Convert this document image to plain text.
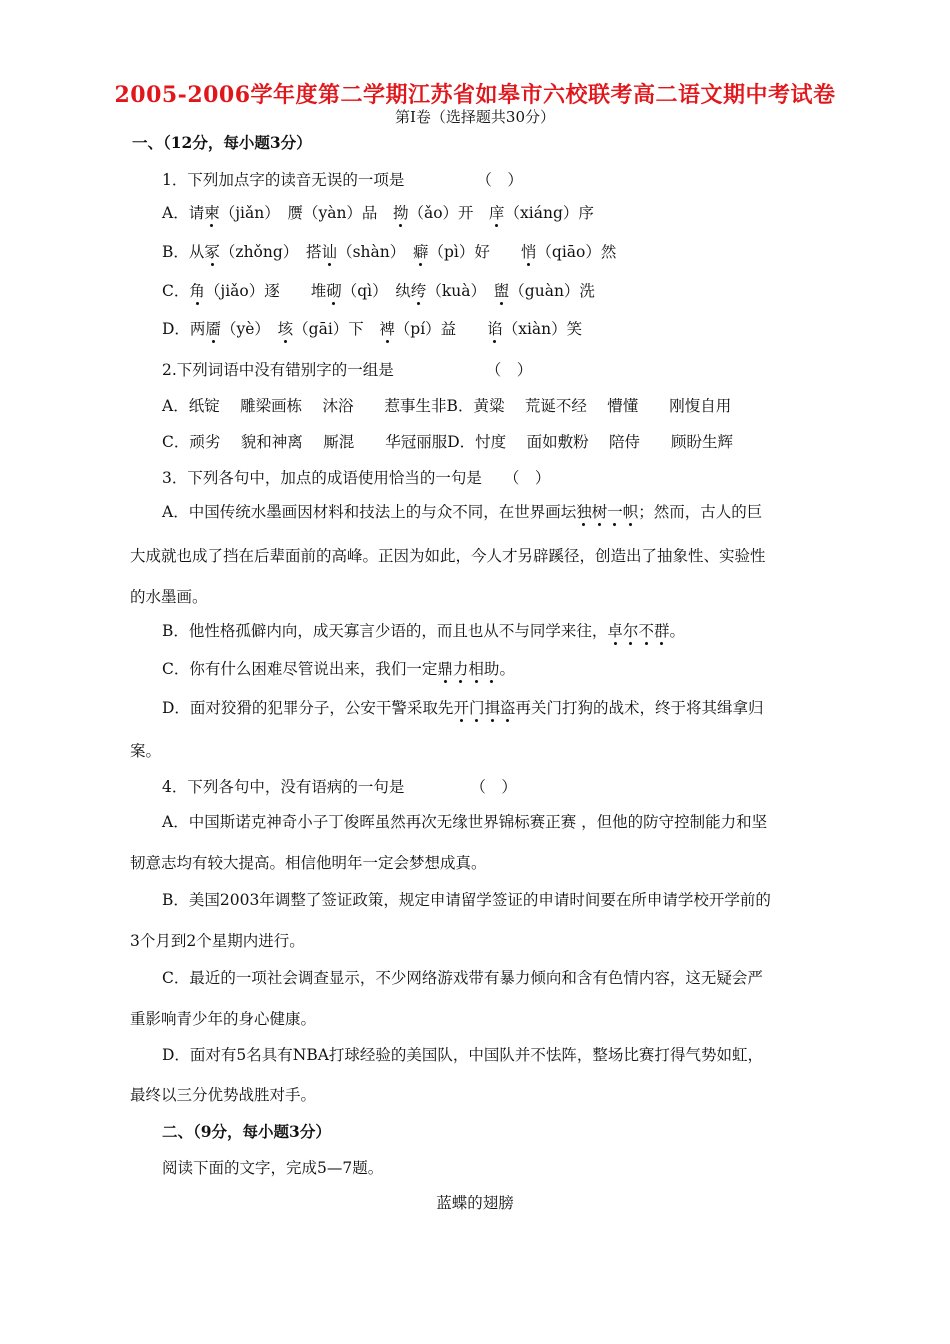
2005-2006学年度第二学期江苏省如皋市六校联考高二语文期中考试卷
第Ⅰ卷（选择题共30分）
一、（12分，每小题3分）
1．下列加点字的读音无误的一项是	（　）
A．请柬（jiǎn）　赝（yàn）品　拗（ǎo）开　庠（xiáng）序
B．从冢（zhǒng）　搭讪（shàn）　癖（pì）好　　悄（qiāo）然
C．角（jiǎo）逐　　堆砌（qì）　纨绔（kuà）　盥（guàn）洗
D．两靥（yè）　垓（gāi）下　裨（pí）益　　谄（xiàn）笑
2.下列词语中没有错别字的一组是	（　）
A．纸锭　 雕梁画栋　 沐浴　　惹事生非B．黄粱　 荒诞不经　 懵懂　　刚愎自用
C．顽劣　 貌和神离　 厮混　　华冠丽服D．忖度　 面如敷粉　 陪侍　　顾盼生辉
3．下列各句中，加点的成语使用恰当的一句是 （　）
A．中国传统水墨画因材料和技法上的与众不同，在世界画坛独树一帜；然而，古人的巨
大成就也成了挡在后辈面前的高峰。正因为如此，今人才另辟蹊径，创造出了抽象性、实验性
的水墨画。
B．他性格孤僻内向，成天寡言少语的，而且也从不与同学来往，卓尔不群。
C．你有什么困难尽管说出来，我们一定鼎力相助。
D．面对狡猾的犯罪分子，公安干警采取先开门揖盗再关门打狗的战术，终于将其缉拿归
案。
4．下列各句中，没有语病的一句是	（　）
A．中国斯诺克神奇小子丁俊晖虽然再次无缘世界锦标赛正赛 ，但他的防守控制能力和坚
韧意志均有较大提高。相信他明年一定会梦想成真。
B．美国2003年调整了签证政策，规定申请留学签证的申请时间要在所申请学校开学前的
3个月到2个星期内进行。
C．最近的一项社会调查显示，不少网络游戏带有暴力倾向和含有色情内容，这无疑会严
重影响青少年的身心健康。
D．面对有5名具有NBA打球经验的美国队，中国队并不怯阵，整场比赛打得气势如虹，
最终以三分优势战胜对手。
二、（9分，每小题3分）
阅读下面的文字，完成5—7题。
蓝蝶的翅膀
